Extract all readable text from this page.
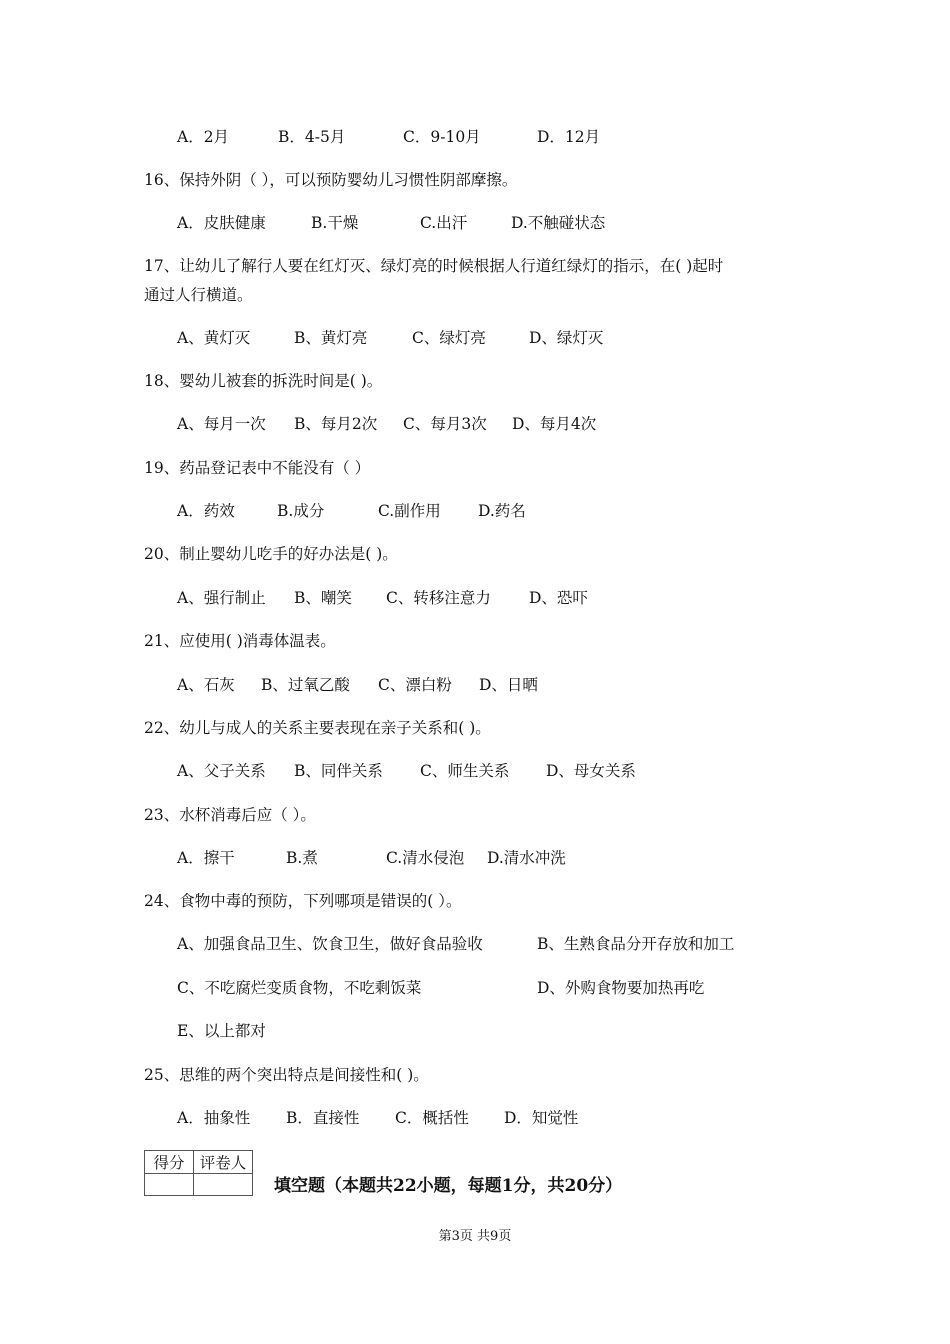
A．2月	B．4-5月	C．9-10月	D．12月
16、保持外阴（ ），可以预防婴幼儿习惯性阴部摩擦。
A．皮肤健康	B.干燥	C.出汗	D.不触碰状态
17、让幼儿了解行人要在红灯灭、绿灯亮的时候根据人行道红绿灯的指示，在( )起时
通过人行横道。
A、黄灯灭	B、黄灯亮	C、绿灯亮	D、绿灯灭
18、婴幼儿被套的拆洗时间是( )。
A、每月一次 B、每月2次 C、每月3次 D、每月4次
19、药品登记表中不能没有（ ）
A．药效	B.成分	C.副作用 D.药名
20、制止婴幼儿吃手的好办法是( )。
A、强行制止 B、嘲笑 C、转移注意力 D、恐吓
21、应使用( )消毒体温表。
A、石灰 B、过氧乙酸 C、漂白粉 D、日晒
22、幼儿与成人的关系主要表现在亲子关系和( )。
A、父子关系 B、同伴关系 C、师生关系 D、母女关系
23、水杯消毒后应（ ）。
A．擦干	B.煮	C.清水侵泡 D.清水冲洗
24、食物中毒的预防，下列哪项是错误的( ）。
A、加强食品卫生、饮食卫生，做好食品验收	B、生熟食品分开存放和加工
C、不吃腐烂变质食物，不吃剩饭菜	D、外购食物要加热再吃
E、以上都对
25、思维的两个突出特点是间接性和( )。
A．抽象性 B．直接性 C．概括性 D．知觉性
得分	评卷人

填空题（本题共22小题，每题1分，共20分）
第3页 共9页
